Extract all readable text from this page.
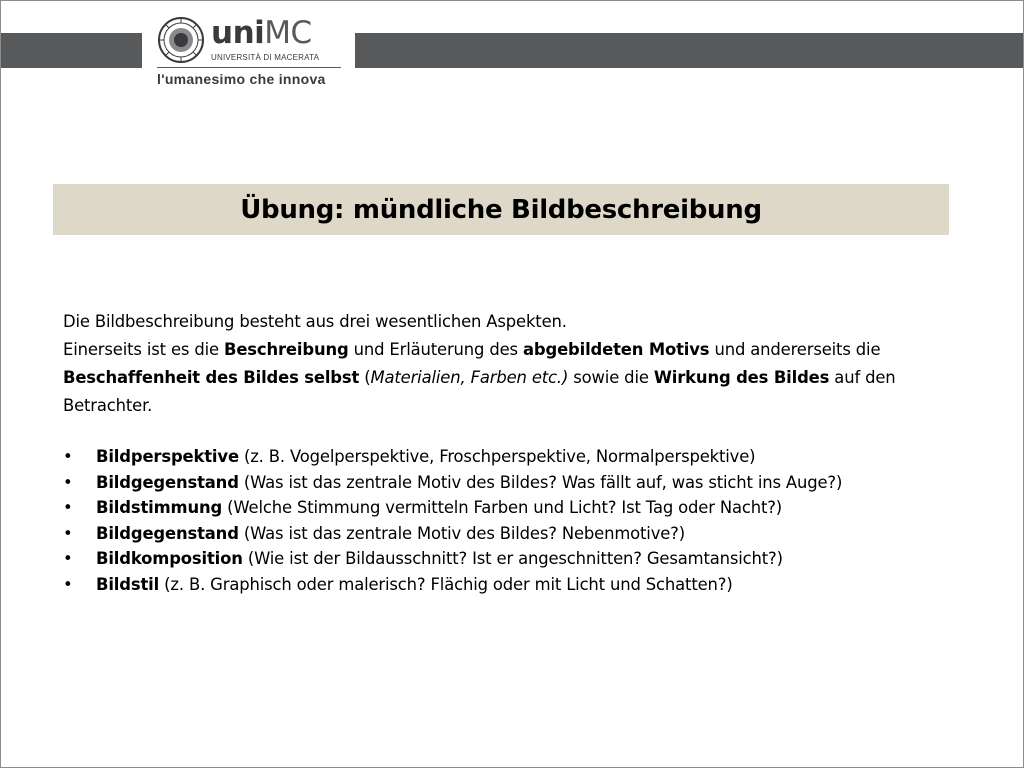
uniMC
UNIVERSITÀ DI MACERATA
l'umanesimo che innova
Übung: mündliche Bildbeschreibung

Die Bildbeschreibung besteht aus drei wesentlichen Aspekten.

Einerseits ist es die Beschreibung und Erläuterung des abgebildeten Motivs und andererseits die Beschaffenheit des Bildes selbst (Materialien, Farben etc.) sowie die Wirkung des Bildes auf den Betrachter.

• Bildperspektive (z. B. Vogelperspektive, Froschperspektive, Normalperspektive)
• Bildgegenstand (Was ist das zentrale Motiv des Bildes? Was fällt auf, was sticht ins Auge?)
• Bildstimmung (Welche Stimmung vermitteln Farben und Licht? Ist Tag oder Nacht?)
• Bildgegenstand (Was ist das zentrale Motiv des Bildes? Nebenmotive?)
• Bildkomposition (Wie ist der Bildausschnitt? Ist er angeschnitten? Gesamtansicht?)
• Bildstil (z. B. Graphisch oder malerisch? Flächig oder mit Licht und Schatten?)
